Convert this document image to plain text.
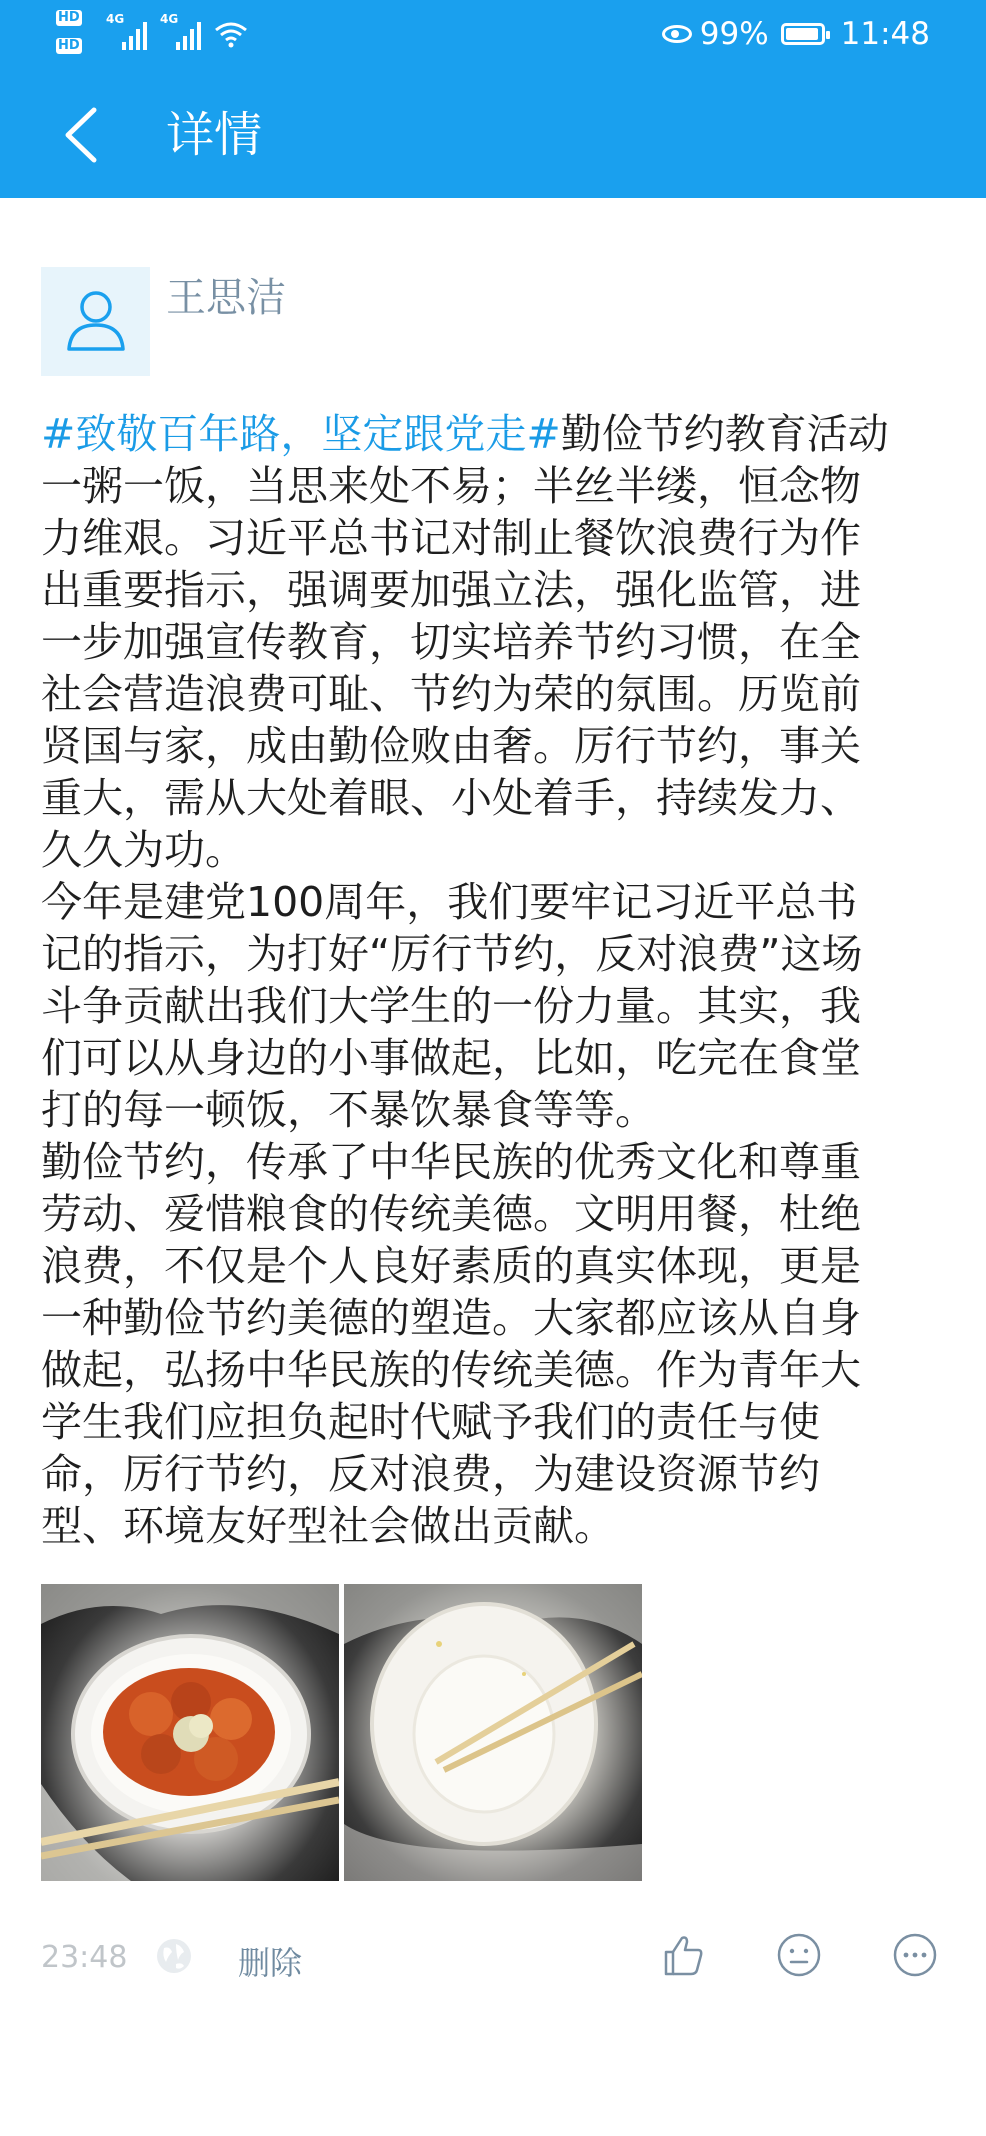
HD
HD
4G	4G	99% 11:48
详情
王思洁

#致敬百年路，坚定跟党走#勤俭节约教育活动

一粥一饭，当思来处不易；半丝半缕，恒念物

力维艰。习近平总书记对制止餐饮浪费行为作

出重要指示，强调要加强立法，强化监管，进

一步加强宣传教育，切实培养节约习惯，在全

社会营造浪费可耻、节约为荣的氛围。历览前

贤国与家，成由勤俭败由奢。厉行节约，事关

重大，需从大处着眼、小处着手，持续发力、

久久为功。

今年是建党100周年，我们要牢记习近平总书

记的指示，为打好“厉行节约，反对浪费”这场

斗争贡献出我们大学生的一份力量。其实，我

们可以从身边的小事做起，比如，吃完在食堂

打的每一顿饭，不暴饮暴食等等。

勤俭节约，传承了中华民族的优秀文化和尊重

劳动、爱惜粮食的传统美德。文明用餐，杜绝

浪费，不仅是个人良好素质的真实体现，更是

一种勤俭节约美德的塑造。大家都应该从自身

做起，弘扬中华民族的传统美德。作为青年大

学生我们应担负起时代赋予我们的责任与使

命，厉行节约，反对浪费，为建设资源节约

型、环境友好型社会做出贡献。

23:48	删除
